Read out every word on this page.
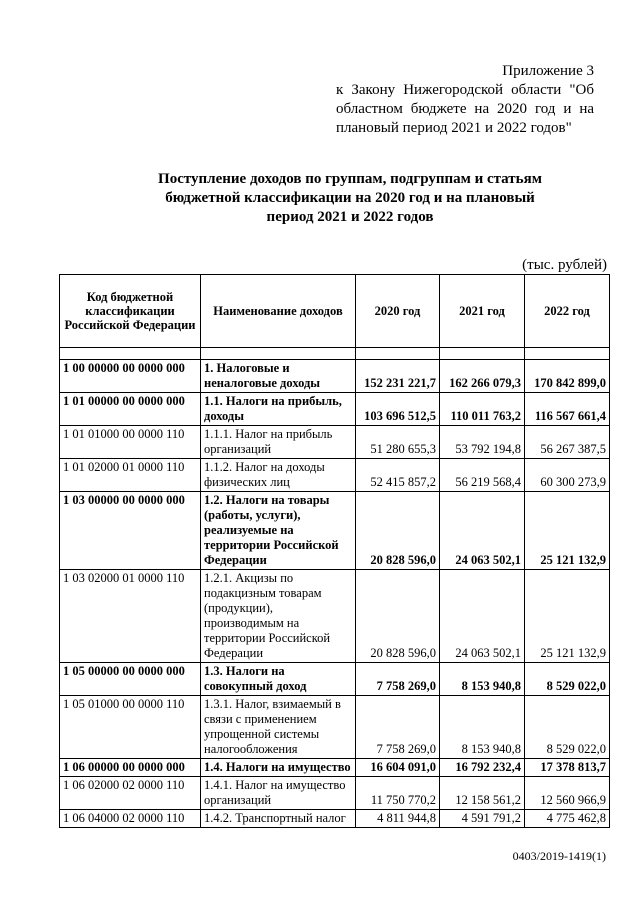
Приложение 3
к Закону Нижегородской области "Об
областном бюджете на 2020 год и на
плановый период 2021 и 2022 годов"
Поступление доходов по группам, подгруппам и статьям
бюджетной классификации на 2020 год и на плановый
период 2021 и 2022 годов
(тыс. рублей)
Код бюджетной классификации Российской Федерации	Наименование доходов	2020 год	2021 год	2022 год

1 00 00000 00 0000 000	1. Налоговые и неналоговые доходы	152 231 221,7	162 266 079,3	170 842 899,0
1 01 00000 00 0000 000	1.1. Налоги на прибыль, доходы	103 696 512,5	110 011 763,2	116 567 661,4
1 01 01000 00 0000 110	1.1.1. Налог на прибыль организаций	51 280 655,3	53 792 194,8	56 267 387,5
1 01 02000 01 0000 110	1.1.2. Налог на доходы физических лиц	52 415 857,2	56 219 568,4	60 300 273,9
1 03 00000 00 0000 000	1.2. Налоги на товары (работы, услуги), реализуемые на территории Российской Федерации	20 828 596,0	24 063 502,1	25 121 132,9
1 03 02000 01 0000 110	1.2.1. Акцизы по подакцизным товарам (продукции), производимым на территории Российской Федерации	20 828 596,0	24 063 502,1	25 121 132,9
1 05 00000 00 0000 000	1.3. Налоги на совокупный доход	7 758 269,0	8 153 940,8	8 529 022,0
1 05 01000 00 0000 110	1.3.1. Налог, взимаемый в связи с применением упрощенной системы налогообложения	7 758 269,0	8 153 940,8	8 529 022,0
1 06 00000 00 0000 000	1.4. Налоги на имущество	16 604 091,0	16 792 232,4	17 378 813,7
1 06 02000 02 0000 110	1.4.1. Налог на имущество организаций	11 750 770,2	12 158 561,2	12 560 966,9
1 06 04000 02 0000 110	1.4.2. Транспортный налог	4 811 944,8	4 591 791,2	4 775 462,8
0403/2019-1419(1)
